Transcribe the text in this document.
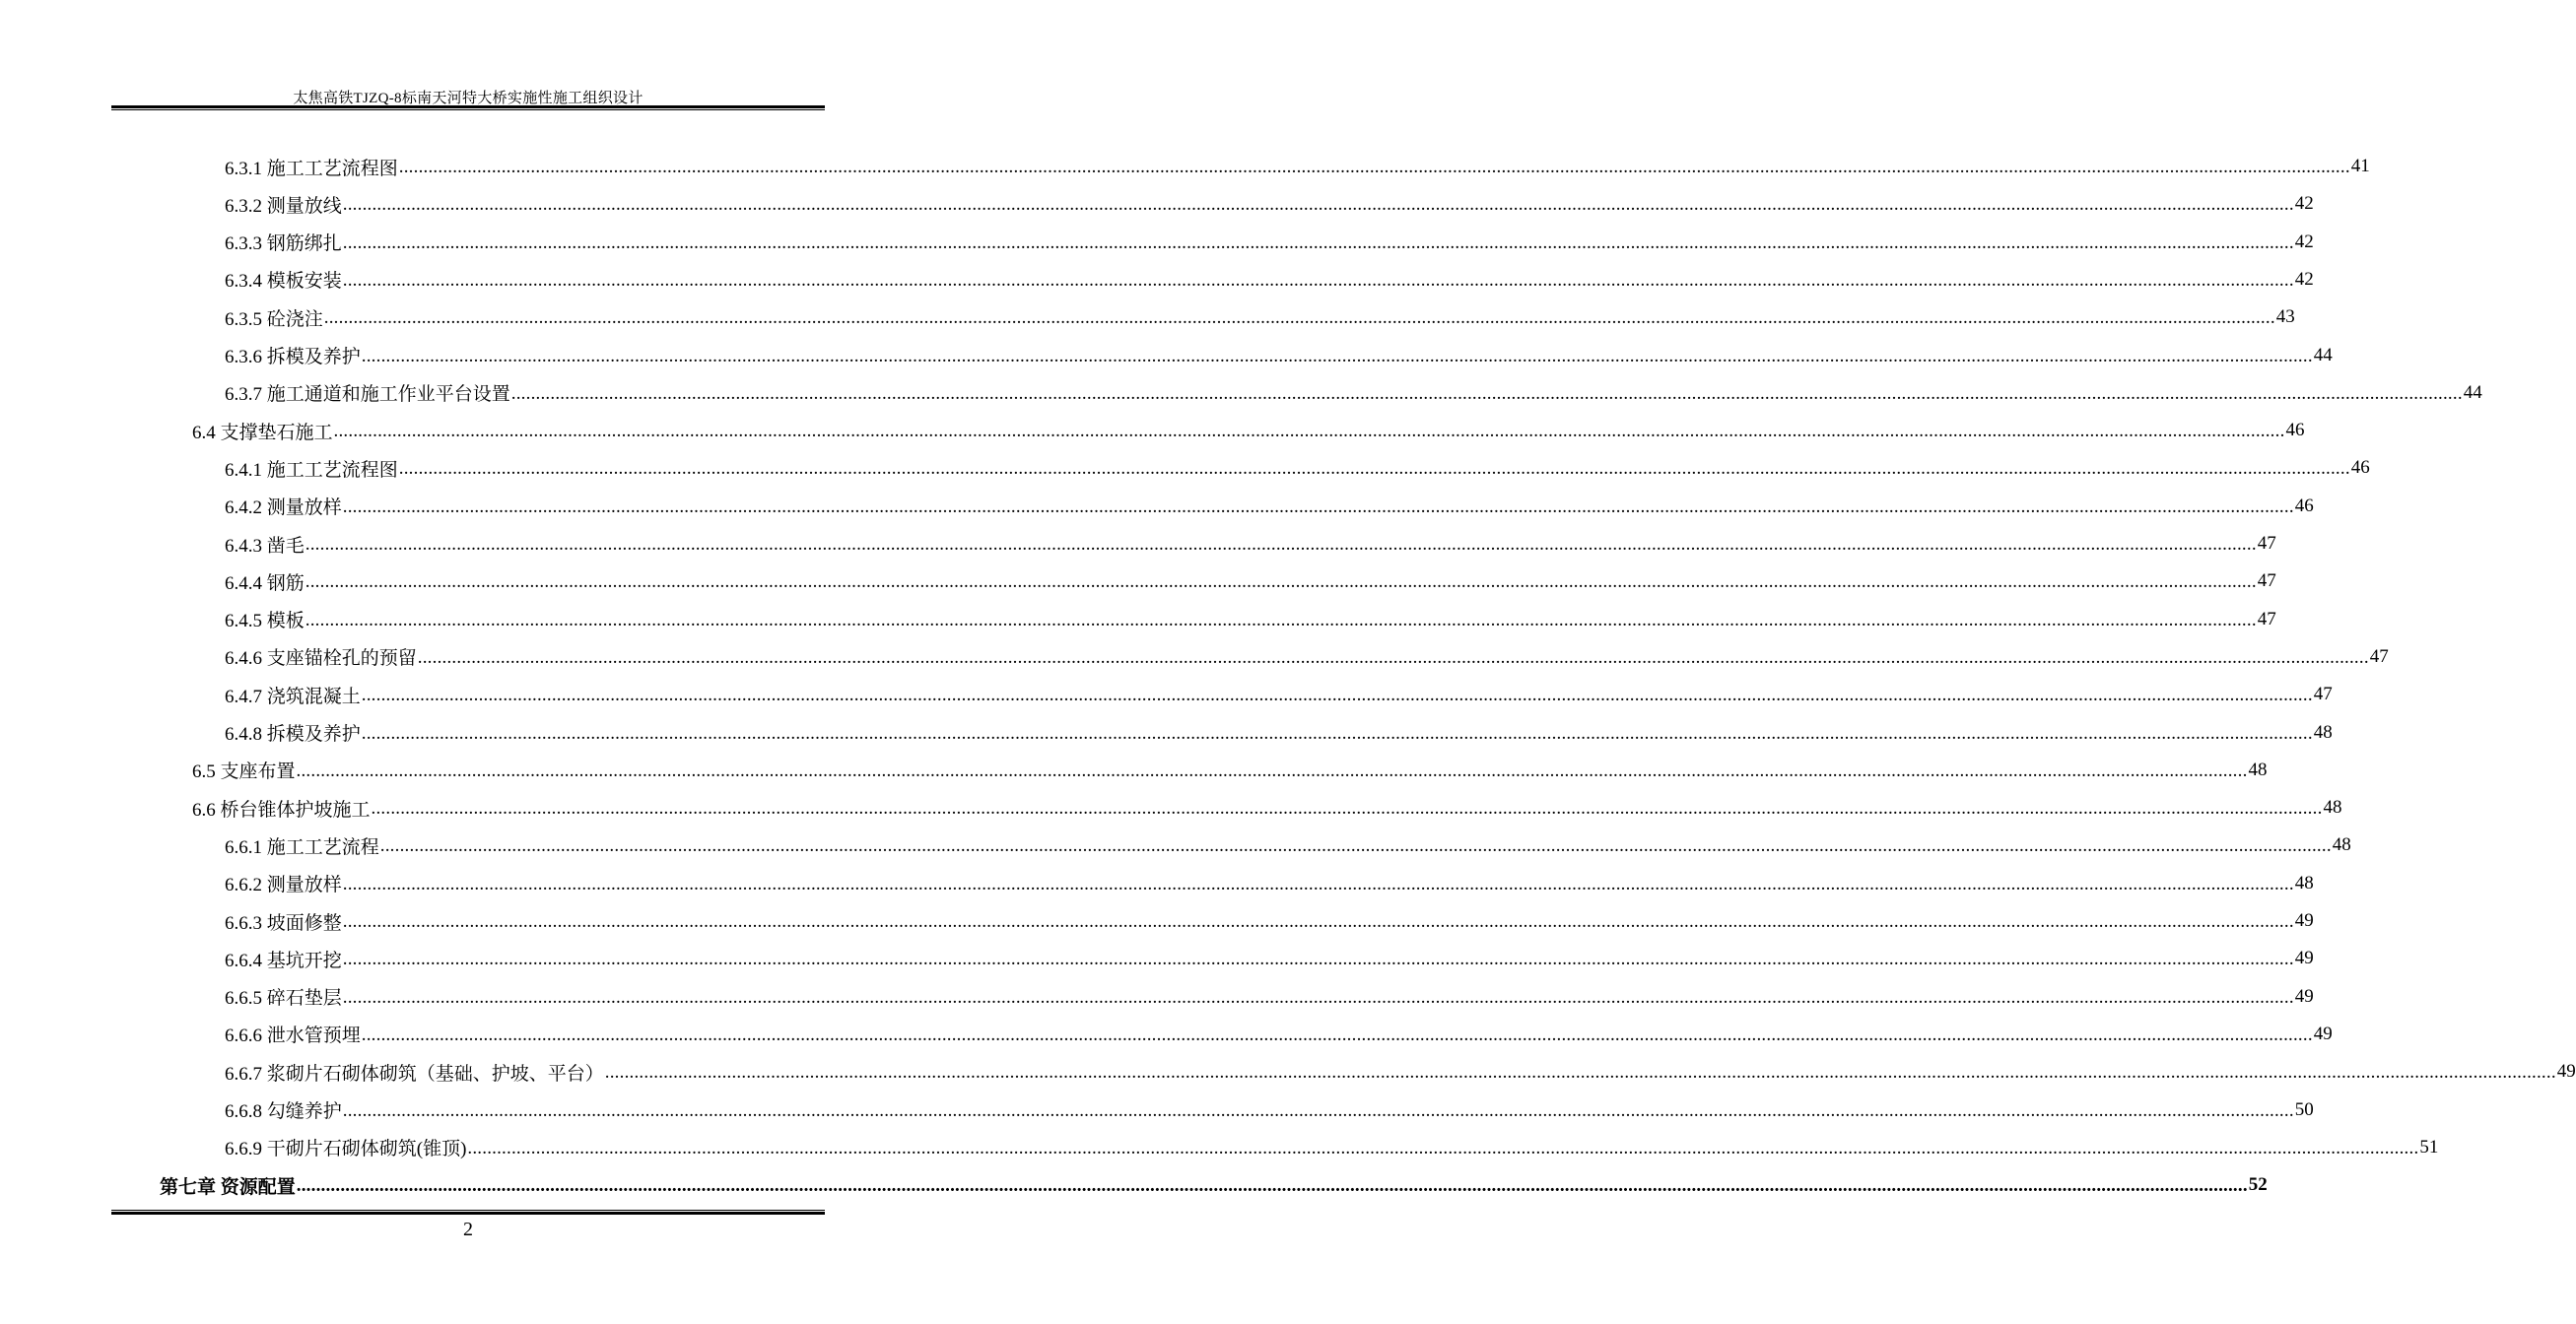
太焦高铁TJZQ-8标南天河特大桥实施性施工组织设计
6.3.1 施工工艺流程图 ................................................................................................................................................................................................................................................................................................................................................................................................................ 41
6.3.2 测量放线 ................................................................................................................................................................................................................................................................................................................................................................................................................ 42
6.3.3 钢筋绑扎 ................................................................................................................................................................................................................................................................................................................................................................................................................ 42
6.3.4 模板安装 ................................................................................................................................................................................................................................................................................................................................................................................................................ 42
6.3.5 砼浇注 ................................................................................................................................................................................................................................................................................................................................................................................................................ 43
6.3.6 拆模及养护 ................................................................................................................................................................................................................................................................................................................................................................................................................ 44
6.3.7 施工通道和施工作业平台设置 ................................................................................................................................................................................................................................................................................................................................................................................................................ 44
6.4 支撑垫石施工 ................................................................................................................................................................................................................................................................................................................................................................................................................ 46
6.4.1 施工工艺流程图 ................................................................................................................................................................................................................................................................................................................................................................................................................ 46
6.4.2 测量放样 ................................................................................................................................................................................................................................................................................................................................................................................................................ 46
6.4.3 凿毛 ................................................................................................................................................................................................................................................................................................................................................................................................................ 47
6.4.4 钢筋 ................................................................................................................................................................................................................................................................................................................................................................................................................ 47
6.4.5 模板 ................................................................................................................................................................................................................................................................................................................................................................................................................ 47
6.4.6 支座锚栓孔的预留 ................................................................................................................................................................................................................................................................................................................................................................................................................ 47
6.4.7 浇筑混凝土 ................................................................................................................................................................................................................................................................................................................................................................................................................ 47
6.4.8 拆模及养护 ................................................................................................................................................................................................................................................................................................................................................................................................................ 48
6.5 支座布置 ................................................................................................................................................................................................................................................................................................................................................................................................................ 48
6.6 桥台锥体护坡施工 ................................................................................................................................................................................................................................................................................................................................................................................................................ 48
6.6.1 施工工艺流程 ................................................................................................................................................................................................................................................................................................................................................................................................................ 48
6.6.2 测量放样 ................................................................................................................................................................................................................................................................................................................................................................................................................ 48
6.6.3 坡面修整 ................................................................................................................................................................................................................................................................................................................................................................................................................ 49
6.6.4 基坑开挖 ................................................................................................................................................................................................................................................................................................................................................................................................................ 49
6.6.5 碎石垫层 ................................................................................................................................................................................................................................................................................................................................................................................................................ 49
6.6.6 泄水管预埋 ................................................................................................................................................................................................................................................................................................................................................................................................................ 49
6.6.7 浆砌片石砌体砌筑（基础、护坡、平台） ................................................................................................................................................................................................................................................................................................................................................................................................................ 49
6.6.8 勾缝养护 ................................................................................................................................................................................................................................................................................................................................................................................................................ 50
6.6.9 干砌片石砌体砌筑(锥顶) ................................................................................................................................................................................................................................................................................................................................................................................................................ 51
第七章 资源配置 ................................................................................................................................................................................................................................................................................................................................................................................................................ 52
2
